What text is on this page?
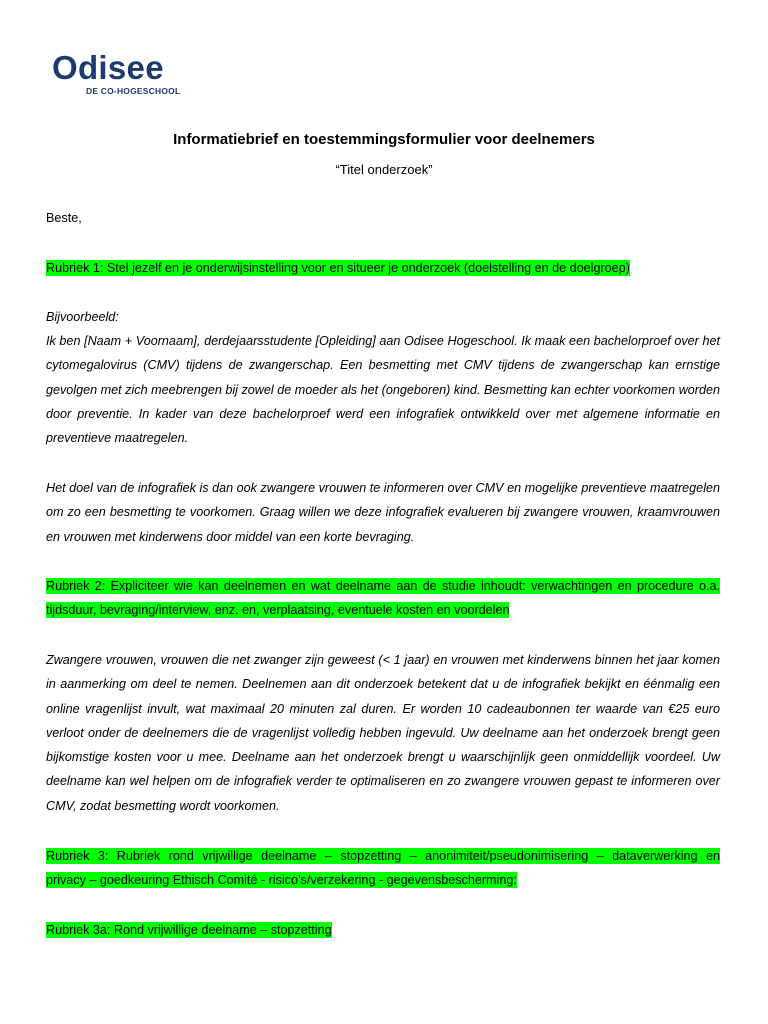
Odisee
DE CO-HOGESCHOOL
Informatiebrief en toestemmingsformulier voor deelnemers
“Titel onderzoek”
Beste,
Rubriek 1: Stel jezelf en je onderwijsinstelling voor en situeer je onderzoek (doelstelling en de doelgroep)
Bijvoorbeeld:
Ik ben [Naam + Voornaam], derdejaarsstudente [Opleiding] aan Odisee Hogeschool. Ik maak een bachelorproef over het cytomegalovirus (CMV) tijdens de zwangerschap. Een besmetting met CMV tijdens de zwangerschap kan ernstige gevolgen met zich meebrengen bij zowel de moeder als het (ongeboren) kind. Besmetting kan echter voorkomen worden door preventie. In kader van deze bachelorproef werd een infografiek ontwikkeld over met algemene informatie en preventieve maatregelen.
Het doel van de infografiek is dan ook zwangere vrouwen te informeren over CMV en mogelijke preventieve maatregelen om zo een besmetting te voorkomen. Graag willen we deze infografiek evalueren bij zwangere vrouwen, kraamvrouwen en vrouwen met kinderwens door middel van een korte bevraging.
Rubriek 2: Expliciteer wie kan deelnemen en wat deelname aan de studie inhoudt: verwachtingen en procedure o.a.
tijdsduur, bevraging/interview, enz. en, verplaatsing, eventuele kosten en voordelen
Zwangere vrouwen, vrouwen die net zwanger zijn geweest (< 1 jaar) en vrouwen met kinderwens binnen het jaar komen in aanmerking om deel te nemen. Deelnemen aan dit onderzoek betekent dat u de infografiek bekijkt en éénmalig een online vragenlijst invult, wat maximaal 20 minuten zal duren. Er worden 10 cadeaubonnen ter waarde van €25 euro verloot onder de deelnemers die de vragenlijst volledig hebben ingevuld. Uw deelname aan het onderzoek brengt geen bijkomstige kosten voor u mee. Deelname aan het onderzoek brengt u waarschijnlijk geen onmiddellijk voordeel. Uw deelname kan wel helpen om de infografiek verder te optimaliseren en zo zwangere vrouwen gepast te informeren over CMV, zodat besmetting wordt voorkomen.
Rubriek 3: Rubriek rond vrijwillige deelname – stopzetting – anonimiteit/pseudonimisering – dataverwerking en
privacy – goedkeuring Ethisch Comité - risico’s/verzekering - gegevensbescherming:
Rubriek 3a: Rond vrijwillige deelname – stopzetting
